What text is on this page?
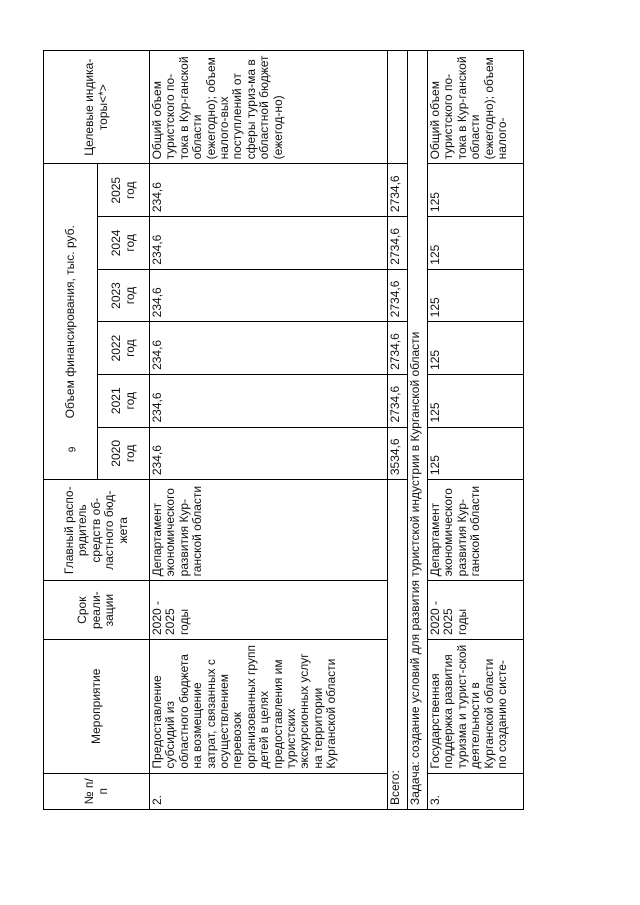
9
№ п/п	Мероприятие	Срок реали-зации	Главный распо-рядитель средств об-ластного бюд-жета	Объем финансирования, тыс. руб.						Целевые индика-торы<*>
				2020 год	2021 год	2022 год	2023 год	2024 год	2025 год	
2.	Предоставление субсидий из областного бюджета на возмещение затрат, связанных с осуществлением перевозок организованных групп детей в целях предоставления им туристских экскурсионных услуг на территории Курганской области	2020 - 2025 годы	Департамент экономического развития Кур-ганской области	234,6	234,6	234,6	234,6	234,6	234,6	Общий объем туристского по-тока в Кур-ганской области (ежегодно); объем налого-вых поступлений от сферы туриз-ма в областной бюджет (ежегод-но)
Всего:				3534,6	2734,6	2734,6	2734,6	2734,6	2734,6	
Задача: создание условий для развития туристской индустрии в Курганской области										
3.	Государственная поддержка развития туризма и турист-ской деятельности в Курганской области по созданию систе-	2020 - 2025 годы	Департамент экономического развития Кур-ганской области	125	125	125	125	125	125	Общий объем туристского по-тока в Кур-ганской области (ежегодно); объем налого-
